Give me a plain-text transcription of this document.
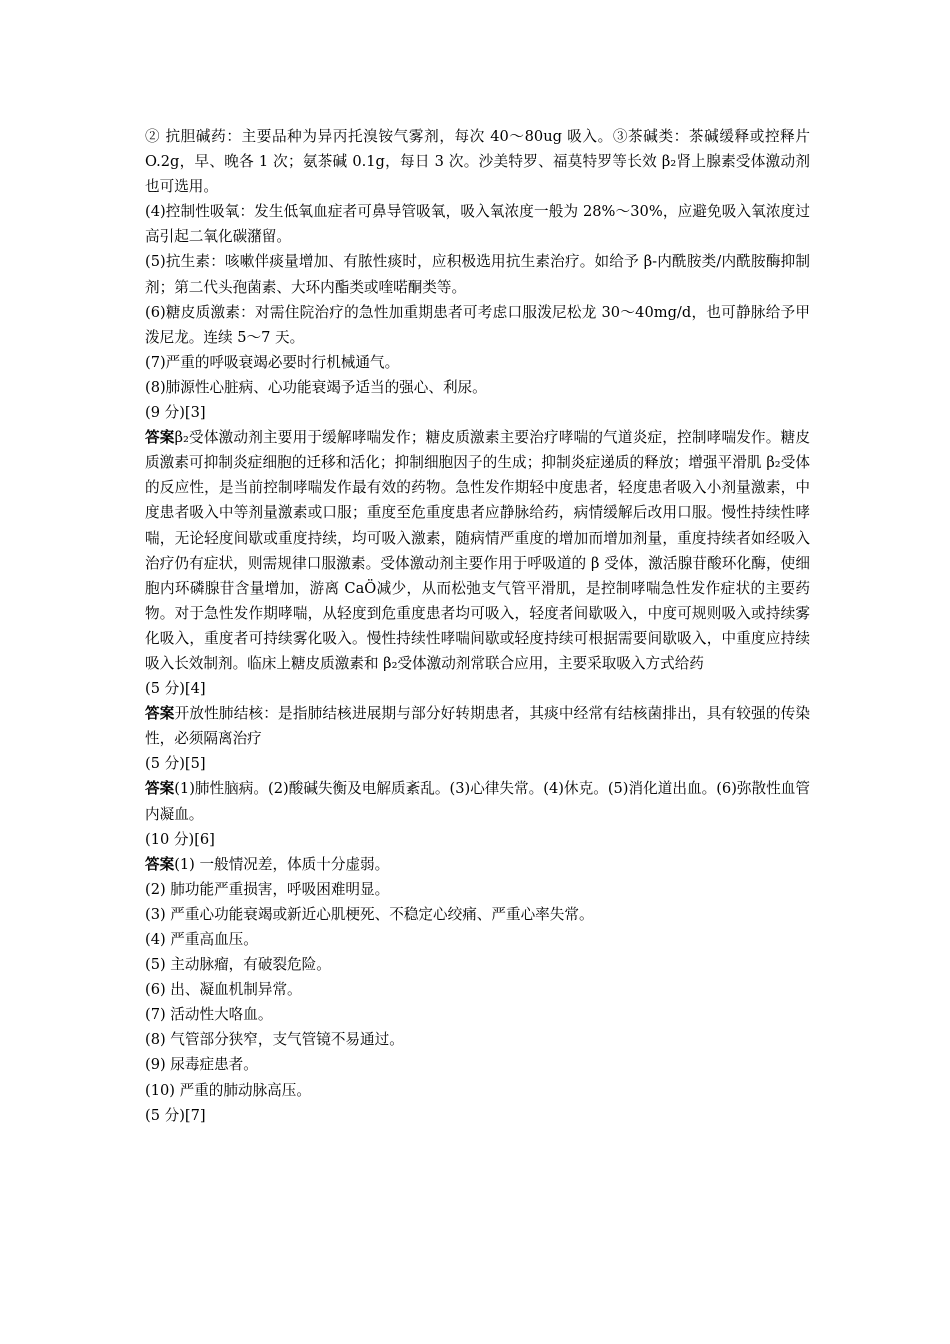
② 抗胆碱药：主要品种为异丙托溴铵气雾剂，每次 40～80ug 吸入。③茶碱类：茶碱缓释或控释片 O.2g，早、晚各 1 次；氨茶碱 0.1g，每日 3 次。沙美特罗、福莫特罗等长效 β₂肾上腺素受体激动剂也可选用。

(4)控制性吸氧：发生低氧血症者可鼻导管吸氧，吸入氧浓度一般为 28%～30%，应避免吸入氧浓度过高引起二氧化碳潴留。

(5)抗生素：咳嗽伴痰量增加、有脓性痰时，应积极选用抗生素治疗。如给予 β-内酰胺类/内酰胺酶抑制剂；第二代头孢菌素、大环内酯类或喹喏酮类等。

(6)糖皮质激素：对需住院治疗的急性加重期患者可考虑口服泼尼松龙 30～40mg/d，也可静脉给予甲泼尼龙。连续 5～7 天。

(7)严重的呼吸衰竭必要时行机械通气。

(8)肺源性心脏病、心功能衰竭予适当的强心、利尿。

(9 分)[3]

答案β₂受体激动剂主要用于缓解哮喘发作；糖皮质激素主要治疗哮喘的气道炎症，控制哮喘发作。糖皮质激素可抑制炎症细胞的迁移和活化；抑制细胞因子的生成；抑制炎症递质的释放；增强平滑肌 β₂受体的反应性，是当前控制哮喘发作最有效的药物。急性发作期轻中度患者，轻度患者吸入小剂量激素，中度患者吸入中等剂量激素或口服；重度至危重度患者应静脉给药，病情缓解后改用口服。慢性持续性哮喘，无论轻度间歇或重度持续，均可吸入激素，随病情严重度的增加而增加剂量，重度持续者如经吸入治疗仍有症状，则需规律口服激素。受体激动剂主要作用于呼吸道的 β 受体，激活腺苷酸环化酶，使细胞内环磷腺苷含量增加，游离 CaÖ减少，从而松弛支气管平滑肌，是控制哮喘急性发作症状的主要药物。对于急性发作期哮喘，从轻度到危重度患者均可吸入，轻度者间歇吸入，中度可规则吸入或持续雾化吸入，重度者可持续雾化吸入。慢性持续性哮喘间歇或轻度持续可根据需要间歇吸入，中重度应持续吸入长效制剂。临床上糖皮质激素和 β₂受体激动剂常联合应用，主要采取吸入方式给药

(5 分)[4]

答案开放性肺结核：是指肺结核进展期与部分好转期患者，其痰中经常有结核菌排出，具有较强的传染性，必须隔离治疗

(5 分)[5]

答案(1)肺性脑病。(2)酸碱失衡及电解质紊乱。(3)心律失常。(4)休克。(5)消化道出血。(6)弥散性血管内凝血。

(10 分)[6]

答案(1) 一般情况差，体质十分虚弱。

(2) 肺功能严重损害，呼吸困难明显。

(3) 严重心功能衰竭或新近心肌梗死、不稳定心绞痛、严重心率失常。

(4) 严重高血压。

(5) 主动脉瘤，有破裂危险。

(6) 出、凝血机制异常。

(7) 活动性大咯血。

(8) 气管部分狭窄，支气管镜不易通过。

(9) 尿毒症患者。

(10) 严重的肺动脉高压。

(5 分)[7]
